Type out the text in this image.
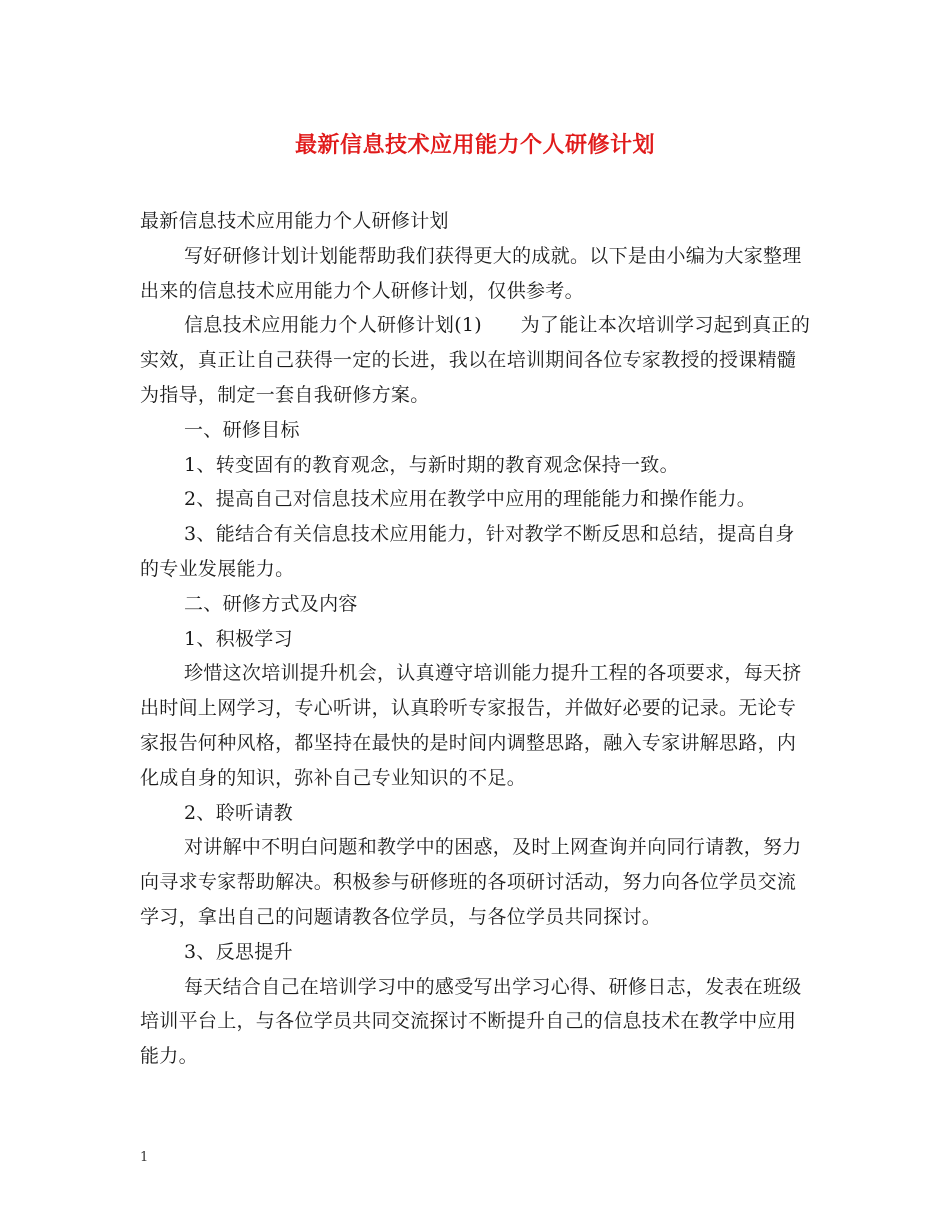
最新信息技术应用能力个人研修计划

最新信息技术应用能力个人研修计划

写好研修计划计划能帮助我们获得更大的成就。以下是由小编为大家整理出来的信息技术应用能力个人研修计划，仅供参考。

信息技术应用能力个人研修计划(1)　　为了能让本次培训学习起到真正的实效，真正让自己获得一定的长进，我以在培训期间各位专家教授的授课精髓为指导，制定一套自我研修方案。

一、研修目标

1、转变固有的教育观念，与新时期的教育观念保持一致。

2、提高自己对信息技术应用在教学中应用的理能能力和操作能力。

3、能结合有关信息技术应用能力，针对教学不断反思和总结，提高自身的专业发展能力。

二、研修方式及内容

1、积极学习

珍惜这次培训提升机会，认真遵守培训能力提升工程的各项要求，每天挤出时间上网学习，专心听讲，认真聆听专家报告，并做好必要的记录。无论专家报告何种风格，都坚持在最快的是时间内调整思路，融入专家讲解思路，内化成自身的知识，弥补自己专业知识的不足。

2、聆听请教

对讲解中不明白问题和教学中的困惑，及时上网查询并向同行请教，努力向寻求专家帮助解决。积极参与研修班的各项研讨活动，努力向各位学员交流学习，拿出自己的问题请教各位学员，与各位学员共同探讨。

3、反思提升

每天结合自己在培训学习中的感受写出学习心得、研修日志，发表在班级培训平台上，与各位学员共同交流探讨不断提升自己的信息技术在教学中应用能力。

1
